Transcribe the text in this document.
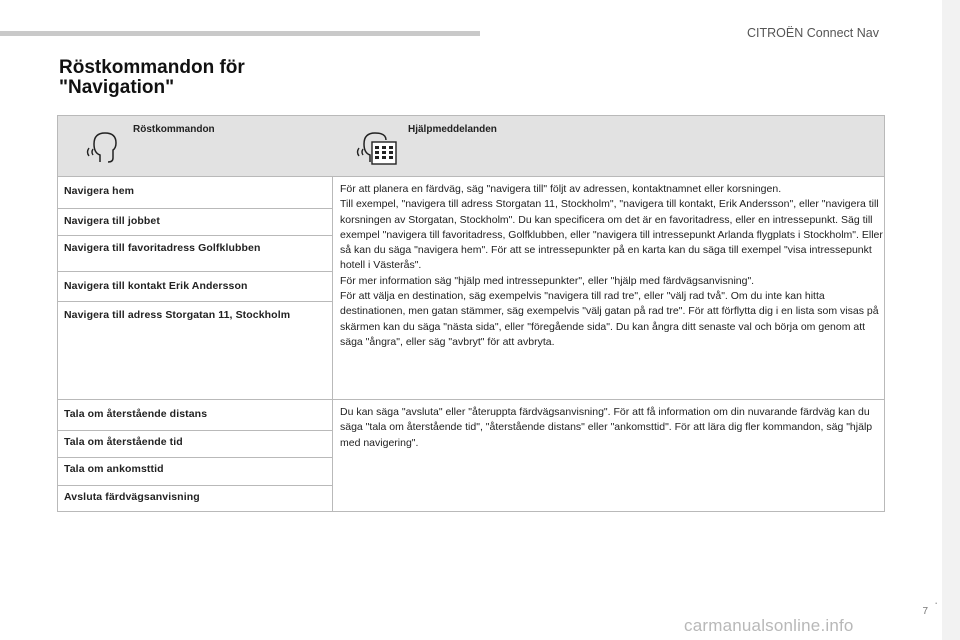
CITROËN Connect Nav
Röstkommandon för
"Navigation"
Röstkommandon	Hjälpmeddelanden
Navigera hem
Navigera till jobbet
Navigera till favoritadress Golfklubben
Navigera till kontakt Erik Andersson
Navigera till adress Storgatan 11, Stockholm
För att planera en färdväg, säg "navigera till" följt av adressen, kontaktnamnet eller korsningen.
Till exempel, "navigera till adress Storgatan 11, Stockholm", "navigera till kontakt, Erik Andersson", eller "navigera till korsningen av Storgatan, Stockholm". Du kan specificera om det är en favoritadress, eller en intressepunkt. Säg till exempel "navigera till favoritadress, Golfklubben, eller "navigera till intressepunkt Arlanda flygplats i Stockholm". Eller så kan du säga "navigera hem". För att se intressepunkter på en karta kan du säga till exempel "visa intressepunkt hotell i Västerås".
För mer information säg "hjälp med intressepunkter", eller "hjälp med färdvägsanvisning".
För att välja en destination, säg exempelvis "navigera till rad tre", eller "välj rad två". Om du inte kan hitta destinationen, men gatan stämmer, säg exempelvis "välj gatan på rad tre". För att förflytta dig i en lista som visas på skärmen kan du säga "nästa sida", eller "föregående sida". Du kan ångra ditt senaste val och börja om genom att säga "ångra", eller säg "avbryt" för att avbryta.
Tala om återstående distans
Tala om återstående tid
Tala om ankomsttid
Avsluta färdvägsanvisning
Du kan säga "avsluta" eller "återuppta färdvägsanvisning". För att få information om din nuvarande färdväg kan du säga "tala om återstående tid", "återstående distans" eller "ankomsttid". För att lära dig fler kommandon, säg "hjälp med navigering".
.
7
carmanualsonline.info
